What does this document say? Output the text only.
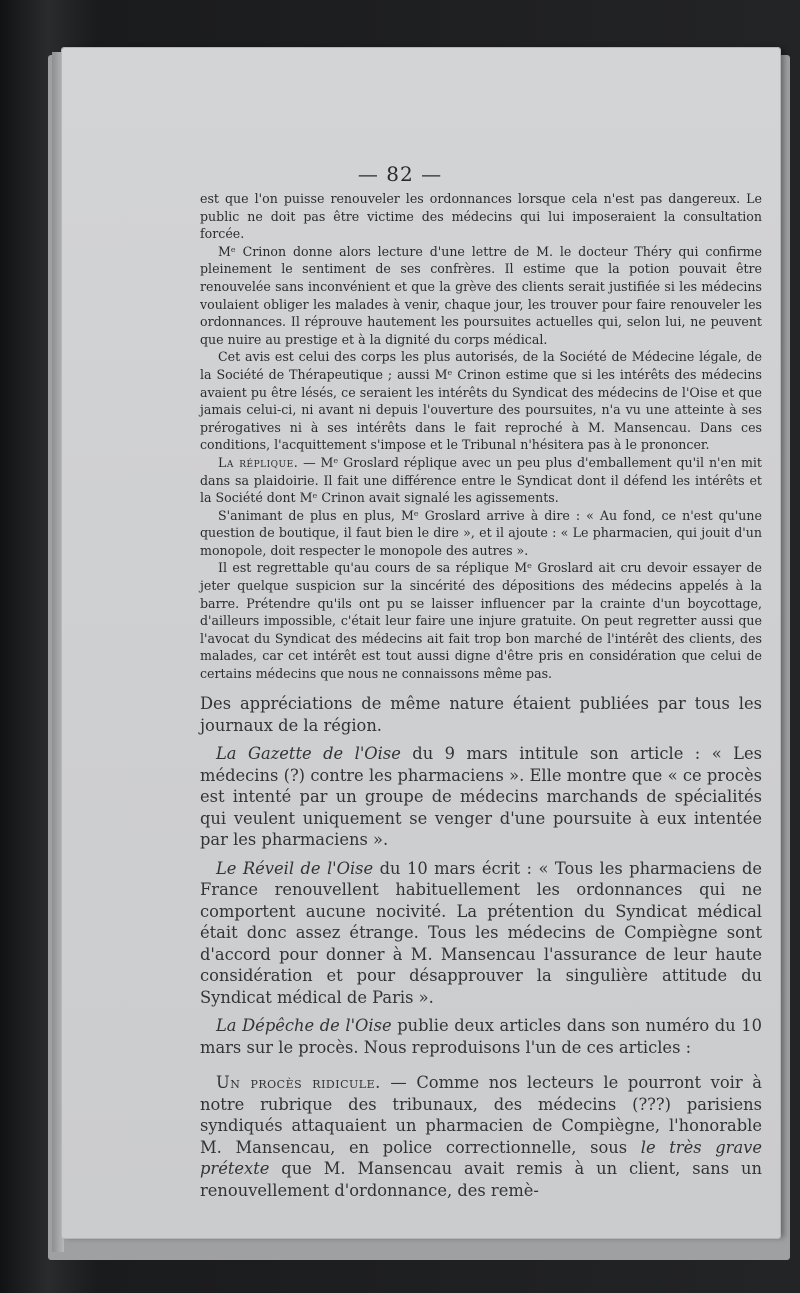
— 82 —

est que l'on puisse renouveler les ordonnances lorsque cela n'est pas dangereux. Le public ne doit pas être victime des médecins qui lui imposeraient la consultation forcée.

Mᵉ Crinon donne alors lecture d'une lettre de M. le docteur Théry qui confirme pleinement le sentiment de ses confrères. Il estime que la potion pouvait être renouvelée sans inconvénient et que la grève des clients serait justifiée si les médecins voulaient obliger les malades à venir, chaque jour, les trouver pour faire renouveler les ordonnances. Il réprouve hautement les poursuites actuelles qui, selon lui, ne peuvent que nuire au prestige et à la dignité du corps médical.

Cet avis est celui des corps les plus autorisés, de la Société de Médecine légale, de la Société de Thérapeutique ; aussi Mᵉ Crinon estime que si les intérêts des médecins avaient pu être lésés, ce seraient les intérêts du Syndicat des médecins de l'Oise et que jamais celui-ci, ni avant ni depuis l'ouverture des poursuites, n'a vu une atteinte à ses prérogatives ni à ses intérêts dans le fait reproché à M. Mansencau. Dans ces conditions, l'acquittement s'impose et le Tribunal n'hésitera pas à le prononcer.

La réplique. — Mᵉ Groslard réplique avec un peu plus d'emballement qu'il n'en mit dans sa plaidoirie. Il fait une différence entre le Syndicat dont il défend les intérêts et la Société dont Mᵉ Crinon avait signalé les agissements.

S'animant de plus en plus, Mᵉ Groslard arrive à dire : « Au fond, ce n'est qu'une question de boutique, il faut bien le dire », et il ajoute : « Le pharmacien, qui jouit d'un monopole, doit respecter le monopole des autres ».

Il est regrettable qu'au cours de sa réplique Mᵉ Groslard ait cru devoir essayer de jeter quelque suspicion sur la sincérité des dépositions des médecins appelés à la barre. Prétendre qu'ils ont pu se laisser influencer par la crainte d'un boycottage, d'ailleurs impossible, c'était leur faire une injure gratuite. On peut regretter aussi que l'avocat du Syndicat des médecins ait fait trop bon marché de l'intérêt des clients, des malades, car cet intérêt est tout aussi digne d'être pris en considération que celui de certains médecins que nous ne connaissons même pas.

Des appréciations de même nature étaient publiées par tous les journaux de la région.

La Gazette de l'Oise du 9 mars intitule son article : « Les médecins (?) contre les pharmaciens ». Elle montre que « ce procès est intenté par un groupe de médecins marchands de spécialités qui veulent uniquement se venger d'une poursuite à eux intentée par les pharmaciens ».

Le Réveil de l'Oise du 10 mars écrit : « Tous les pharmaciens de France renouvellent habituellement les ordonnances qui ne comportent aucune nocivité. La prétention du Syndicat médical était donc assez étrange. Tous les médecins de Compiègne sont d'accord pour donner à M. Mansencau l'assurance de leur haute considération et pour désapprouver la singulière attitude du Syndicat médical de Paris ».

La Dépêche de l'Oise publie deux articles dans son numéro du 10 mars sur le procès. Nous reproduisons l'un de ces articles :

Un procès ridicule. — Comme nos lecteurs le pourront voir à notre rubrique des tribunaux, des médecins (???) parisiens syndiqués attaquaient un pharmacien de Compiègne, l'honorable M. Mansencau, en police correctionnelle, sous le très grave prétexte que M. Mansencau avait remis à un client, sans un renouvellement d'ordonnance, des remè-
